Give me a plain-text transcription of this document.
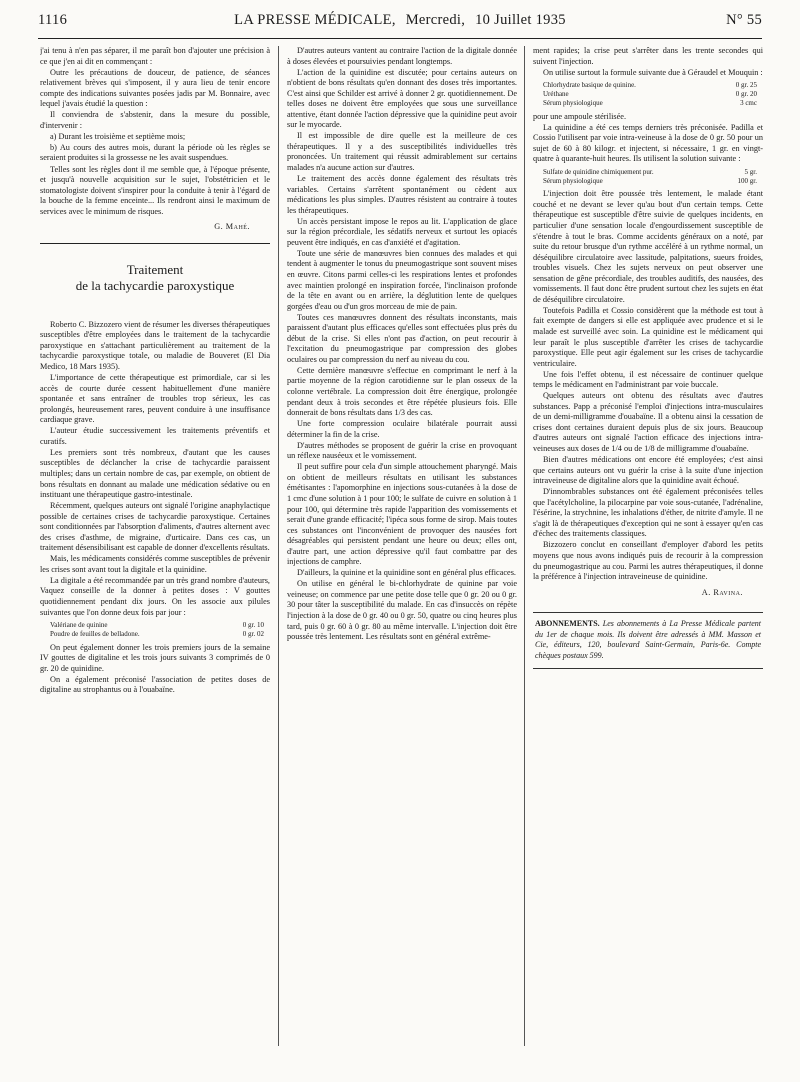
1116	LA PRESSE MÉDICALE, Mercredi, 10 Juillet 1935	N° 55

j'ai tenu à n'en pas séparer, il me paraît bon d'ajouter une précision à ce que j'en ai dit en commençant :

Outre les précautions de douceur, de patience, de séances relativement brèves qui s'imposent, il y aura lieu de tenir encore compte des indications suivantes posées jadis par M. Bonnaire, avec lequel j'avais étudié la question :

Il conviendra de s'abstenir, dans la mesure du possible, d'intervenir :

a) Durant les troisième et septième mois;

b) Au cours des autres mois, durant la période où les règles se seraient produites si la grossesse ne les avait suspendues.

Telles sont les règles dont il me semble que, à l'époque présente, et jusqu'à nouvelle acquisition sur le sujet, l'obstétricien et le stomatologiste doivent s'inspirer pour la conduite à tenir à l'égard de la bouche de la femme enceinte... Ils rendront ainsi le maximum de services avec le minimum de risques.

G. Mahé.
Traitement
de la tachycardie paroxystique

Roberto C. Bizzozero vient de résumer les diverses thérapeutiques susceptibles d'être employées dans le traitement de la tachycardie paroxystique en s'attachant particulièrement au traitement de la tachycardie paroxystique totale, ou maladie de Bouveret (El Dia Medico, 18 Mars 1935).

L'importance de cette thérapeutique est primordiale, car si les accès de courte durée cessent habituellement d'une manière spontanée et sans entraîner de troubles trop sérieux, les cas prolongés, heureusement rares, peuvent conduire à une insuffisance cardiaque grave.

L'auteur étudie successivement les traitements préventifs et curatifs.

Les premiers sont très nombreux, d'autant que les causes susceptibles de déclancher la crise de tachycardie paraissent multiples; dans un certain nombre de cas, par exemple, on obtient de bons résultats en donnant au malade une médication sédative ou en instituant une thérapeutique gastro-intestinale.

Récemment, quelques auteurs ont signalé l'origine anaphylactique possible de certaines crises de tachycardie paroxystique. Certaines sont conditionnées par l'absorption d'aliments, d'autres alternent avec des crises d'asthme, de migraine, d'urticaire. Dans ces cas, un traitement désensibilisant est capable de donner d'excellents résultats.

Mais, les médicaments considérés comme susceptibles de prévenir les crises sont avant tout la digitale et la quinidine.

La digitale a été recommandée par un très grand nombre d'auteurs, Vaquez conseille de la donner à petites doses : V gouttes quotidiennement pendant dix jours. On les associe aux pilules suivantes que l'on donne deux fois par jour :

Valériane de quinine	0 gr. 10
Poudre de feuilles de belladone.	0 gr. 02

On peut également donner les trois premiers jours de la semaine IV gouttes de digitaline et les trois jours suivants 3 comprimés de 0 gr. 20 de quinidine.

On a également préconisé l'association de petites doses de digitaline au strophantus ou à l'ouabaïne.

D'autres auteurs vantent au contraire l'action de la digitale donnée à doses élevées et poursuivies pendant longtemps.

L'action de la quinidine est discutée; pour certains auteurs on n'obtient de bons résultats qu'en donnant des doses très importantes. C'est ainsi que Schilder est arrivé à donner 2 gr. quotidiennement. De telles doses ne doivent être employées que sous une surveillance attentive, étant donnée l'action dépressive que la quinidine peut avoir sur le myocarde.

Il est impossible de dire quelle est la meilleure de ces thérapeutiques. Il y a des susceptibilités individuelles très prononcées. Un traitement qui réussit admirablement sur certains malades n'a aucune action sur d'autres.

Le traitement des accès donne également des résultats très variables. Certains s'arrêtent spontanément ou cèdent aux médications les plus simples. D'autres résistent au contraire à toutes les thérapeutiques.

Un accès persistant impose le repos au lit. L'application de glace sur la région précordiale, les sédatifs nerveux et surtout les opiacés peuvent être indiqués, en cas d'anxiété et d'agitation.

Toute une série de manœuvres bien connues des malades et qui tendent à augmenter le tonus du pneumogastrique sont souvent mises en œuvre. Citons parmi celles-ci les respirations lentes et profondes avec maintien prolongé en inspiration forcée, l'inclinaison profonde de la tête en avant ou en arrière, la déglutition lente de quelques gorgées d'eau ou d'un gros morceau de mie de pain.

Toutes ces manœuvres donnent des résultats inconstants, mais paraissent d'autant plus efficaces qu'elles sont effectuées plus près du début de la crise. Si elles n'ont pas d'action, on peut recourir à l'excitation du pneumogastrique par compression des globes oculaires ou par compression du nerf au niveau du cou.

Cette dernière manœuvre s'effectue en comprimant le nerf à la partie moyenne de la région carotidienne sur le plan osseux de la colonne vertébrale. La compression doit être énergique, prolongée pendant deux à trois secondes et être répétée plusieurs fois. Elle donnerait de bons résultats dans 1/3 des cas.

Une forte compression oculaire bilatérale pourrait aussi déterminer la fin de la crise.

D'autres méthodes se proposent de guérir la crise en provoquant un réflexe nauséeux et le vomissement.

Il peut suffire pour cela d'un simple attouchement pharyngé. Mais on obtient de meilleurs résultats en utilisant les substances émétisantes : l'apomorphine en injections sous-cutanées à la dose de 1 cmc d'une solution à 1 pour 100; le sulfate de cuivre en solution à 1 pour 100, qui détermine très rapide l'apparition des vomissements et serait d'une grande efficacité; l'ipéca sous forme de sirop. Mais toutes ces substances ont l'inconvénient de provoquer des nausées fort désagréables qui persistent pendant une heure ou deux; elles ont, d'autre part, une action dépressive qu'il faut combattre par des injections de camphre.

D'ailleurs, la quinine et la quinidine sont en général plus efficaces.

On utilise en général le bi-chlorhydrate de quinine par voie veineuse; on commence par une petite dose telle que 0 gr. 20 ou 0 gr. 30 pour tâter la susceptibilité du malade. En cas d'insuccès on répète l'injection à la dose de 0 gr. 40 ou 0 gr. 50, quatre ou cinq heures plus tard, puis 0 gr. 60 à 0 gr. 80 au même intervalle. L'injection doit être poussée très lentement. Les résultats sont en général extrême-

ment rapides; la crise peut s'arrêter dans les trente secondes qui suivent l'injection.

On utilise surtout la formule suivante due à Géraudel et Mouquin :

Chlorhydrate basique de quinine.	0 gr. 25
Uréthane	0 gr. 20
Sérum physiologique	3 cmc

pour une ampoule stérilisée.

La quinidine a été ces temps derniers très préconisée. Padilla et Cossio l'utilisent par voie intra-veineuse à la dose de 0 gr. 50 pour un sujet de 60 à 80 kilogr. et injectent, si nécessaire, 1 gr. en vingt-quatre à quarante-huit heures. Ils utilisent la solution suivante :

Sulfate de quinidine chimiquement pur.	5 gr.
Sérum physiologique	100 gr.

L'injection doit être poussée très lentement, le malade étant couché et ne devant se lever qu'au bout d'un certain temps. Cette thérapeutique est susceptible d'être suivie de quelques incidents, en particulier d'une sensation locale d'engourdissement susceptible de s'étendre à tout le bras. Comme accidents généraux on a noté, par suite du retour brusque d'un rythme accéléré à un rythme normal, un déséquilibre circulatoire avec lassitude, palpitations, sueurs froides, troubles visuels. Chez les sujets nerveux on peut observer une sensation de gêne précordiale, des troubles auditifs, des nausées, des vomissements. Il faut donc être prudent surtout chez les sujets en état de déséquilibre circulatoire.

Toutefois Padilla et Cossio considèrent que la méthode est tout à fait exempte de dangers si elle est appliquée avec prudence et si le malade est surveillé avec soin. La quinidine est le médicament qui leur paraît le plus susceptible d'arrêter les crises de tachycardie paroxystique. Elle peut agir également sur les crises de tachycardie ventriculaire.

Une fois l'effet obtenu, il est nécessaire de continuer quelque temps le médicament en l'administrant par voie buccale.

Quelques auteurs ont obtenu des résultats avec d'autres substances. Papp a préconisé l'emploi d'injections intra-musculaires de un demi-milligramme d'ouabaïne. Il a obtenu ainsi la cessation de crises dont certaines duraient depuis plus de six jours. Beaucoup d'autres auteurs ont signalé l'action efficace des injections intra-veineuses aux doses de 1/4 ou de 1/8 de milligramme d'ouabaïne.

Bien d'autres médications ont encore été employées; c'est ainsi que certains auteurs ont vu guérir la crise à la suite d'une injection intraveineuse de digitaline alors que la quinidine avait échoué.

D'innombrables substances ont été également préconisées telles que l'acétylcholine, la pilocarpine par voie sous-cutanée, l'adrénaline, l'ésérine, la strychnine, les inhalations d'éther, de nitrite d'amyle. Il ne s'agit là de thérapeutiques d'exception qui ne sont à essayer qu'en cas d'échec des traitements classiques.

Bizzozero conclut en conseillant d'employer d'abord les petits moyens que nous avons indiqués puis de recourir à la compression du pneumogastrique au cou. Parmi les autres thérapeutiques, il donne la préférence à l'injection intraveineuse de quinidine.

A. Ravina.
ABONNEMENTS. Les abonnements à La Presse Médicale partent du 1er de chaque mois. Ils doivent être adressés à MM. Masson et Cie, éditeurs, 120, boulevard Saint-Germain, Paris-6e. Compte chèques postaux 599.
